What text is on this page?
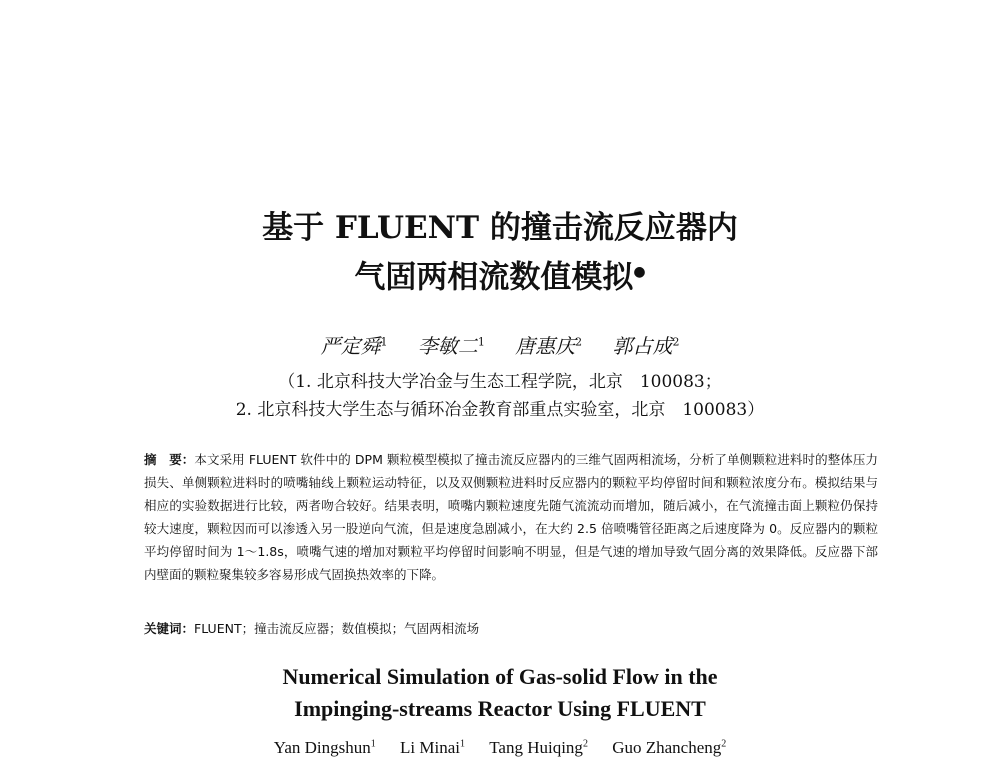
基于 FLUENT 的撞击流反应器内
气固两相流数值模拟●
严定舜$^1$ 李敏二$^1$ 唐惠庆$^2$ 郭占成$^2$
（1. 北京科技大学冶金与生态工程学院，北京　100083；
2. 北京科技大学生态与循环冶金教育部重点实验室，北京　100083）
摘　要：本文采用 FLUENT 软件中的 DPM 颗粒模型模拟了撞击流反应器内的三维气固两相流场，分析了单侧颗粒进料时的整体压力损失、单侧颗粒进料时的喷嘴轴线上颗粒运动特征，以及双侧颗粒进料时反应器内的颗粒平均停留时间和颗粒浓度分布。模拟结果与相应的实验数据进行比较，两者吻合较好。结果表明，喷嘴内颗粒速度先随气流流动而增加，随后减小，在气流撞击面上颗粒仍保持较大速度，颗粒因而可以渗透入另一股逆向气流，但是速度急剧减小，在大约 2.5 倍喷嘴管径距离之后速度降为 0。反应器内的颗粒平均停留时间为 1～1.8s，喷嘴气速的增加对颗粒平均停留时间影响不明显，但是气速的增加导致气固分离的效果降低。反应器下部内壁面的颗粒聚集较多容易形成气固换热效率的下降。
关键词：FLUENT；撞击流反应器；数值模拟；气固两相流场
Numerical Simulation of Gas-solid Flow in the
Impinging-streams Reactor Using FLUENT
Yan Dingshun$^1$ Li Minai$^1$ Tang Huiqing$^2$ Guo Zhancheng$^2$
